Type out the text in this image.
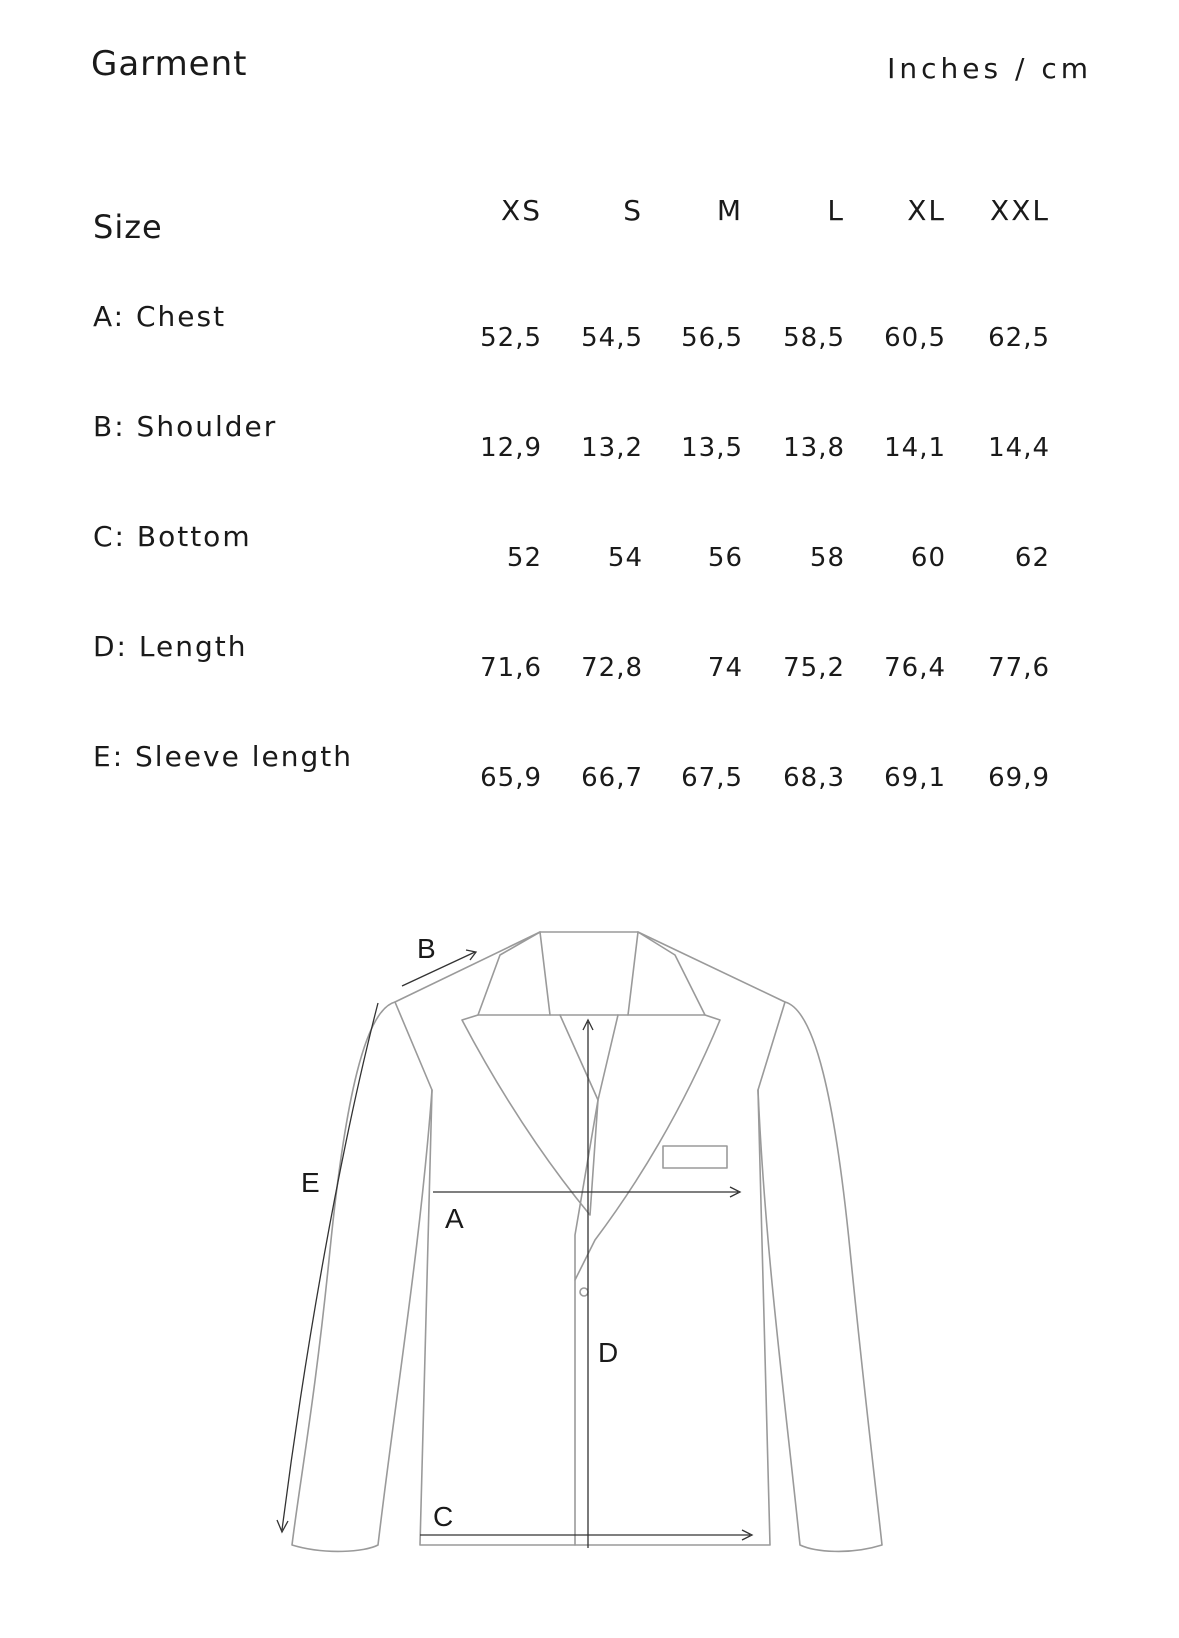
Garment	Inches / cm
Size	XS	S	M	L	XL	XXL
A: Chest
52,5	54,5	56,5	58,5	60,5	62,5
B: Shoulder
12,9	13,2	13,5	13,8	14,1	14,4
C: Bottom
52	54	56	58	60	62
D: Length
71,6	72,8	74	75,2	76,4	77,6
E: Sleeve length
65,9	66,7	67,5	68,3	69,1	69,9
B
E
A
D
C
